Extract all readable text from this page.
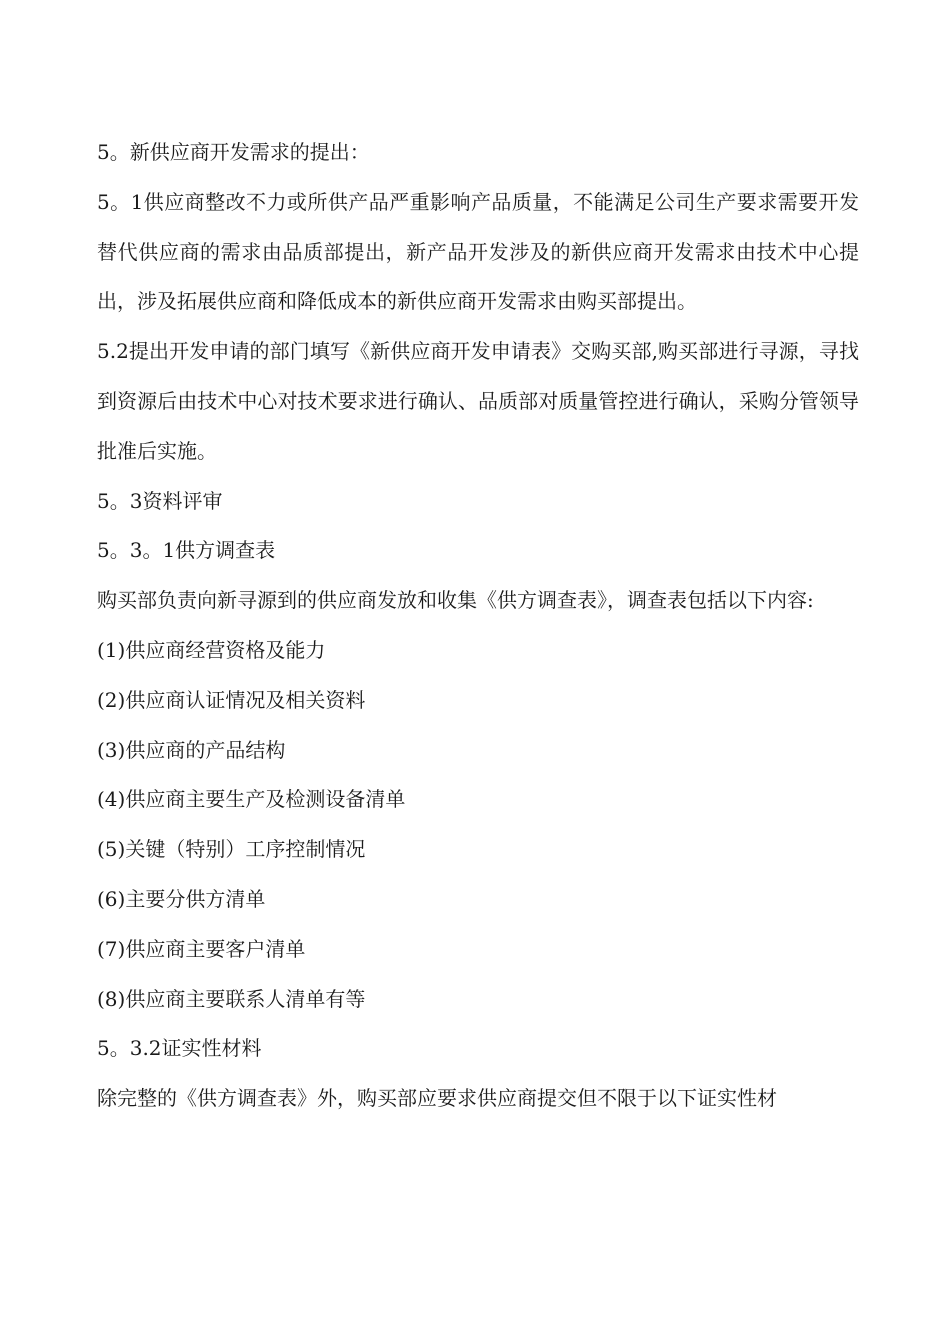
5。新供应商开发需求的提出：

5。1供应商整改不力或所供产品严重影响产品质量，不能满足公司生产要求需要开发替代供应商的需求由品质部提出，新产品开发涉及的新供应商开发需求由技术中心提出，涉及拓展供应商和降低成本的新供应商开发需求由购买部提出。

5.2提出开发申请的部门填写《新供应商开发申请表》交购买部,购买部进行寻源，寻找到资源后由技术中心对技术要求进行确认、品质部对质量管控进行确认，采购分管领导批准后实施。

5。3资料评审

5。3。1供方调查表

购买部负责向新寻源到的供应商发放和收集《供方调查表》，调查表包括以下内容:

(1)供应商经营资格及能力

(2)供应商认证情况及相关资料

(3)供应商的产品结构

(4)供应商主要生产及检测设备清单

(5)关键（特别）工序控制情况

(6)主要分供方清单

(7)供应商主要客户清单

(8)供应商主要联系人清单有等

5。3.2证实性材料

除完整的《供方调查表》外，购买部应要求供应商提交但不限于以下证实性材
